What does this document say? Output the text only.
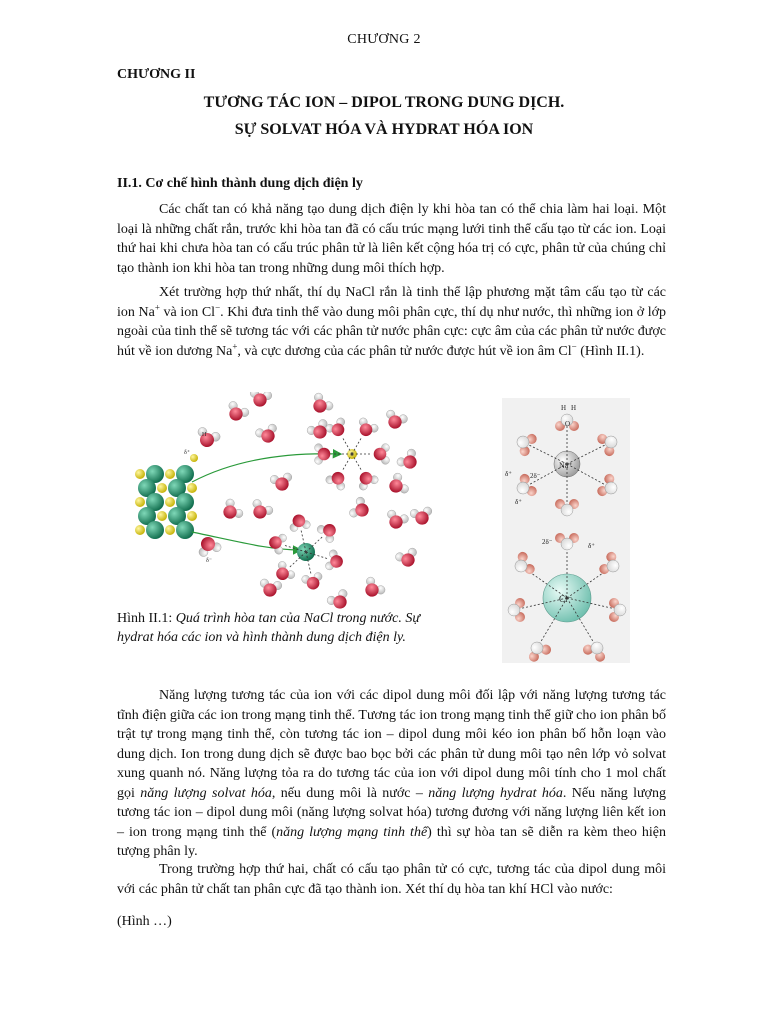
CHƯƠNG 2
CHƯƠNG II
TƯƠNG TÁC ION – DIPOL TRONG DUNG DỊCH.
SỰ SOLVAT HÓA VÀ HYDRAT HÓA ION
II.1. Cơ chế hình thành dung dịch điện ly

Các chất tan có khả năng tạo dung dịch điện ly khi hòa tan có thể chia làm hai loại. Một loại là những chất rắn, trước khi hòa tan đã có cấu trúc mạng lưới tinh thể cấu tạo từ các ion. Loại thứ hai khi chưa hòa tan có cấu trúc phân tử là liên kết cộng hóa trị có cực, phân tử của chúng chỉ tạo thành ion khi hòa tan trong những dung môi thích hợp.

Xét trường hợp thứ nhất, thí dụ NaCl rắn là tinh thể lập phương mặt tâm cấu tạo từ các ion Na+ và ion Cl−. Khi đưa tinh thể vào dung môi phân cực, thí dụ như nước, thì những ion ở lớp ngoài của tinh thể sẽ tương tác với các phân tử nước phân cực: cực âm của các phân tử nước được hút về ion dương Na+, và cực dương của các phân tử nước được hút về ion âm Cl− (Hình II.1).

H
δ⁺
δ⁻
Na⁺
H H
O
δ⁺	2δ⁻
δ⁺
Cl⁻
2δ⁻	δ⁺
Hình II.1: Quá trình hòa tan của NaCl trong nước. Sự hydrat hóa các ion và hình thành dung dịch điện ly.

Năng lượng tương tác của ion với các dipol dung môi đối lập với năng lượng tương tác tĩnh điện giữa các ion trong mạng tinh thể. Tương tác ion trong mạng tinh thể giữ cho ion phân bố trật tự trong mạng tinh thể, còn tương tác ion – dipol dung môi kéo ion phân bố hỗn loạn vào dung dịch. Ion trong dung dịch sẽ được bao bọc bởi các phân tử dung môi tạo nên lớp vỏ solvat xung quanh nó. Năng lượng tỏa ra do tương tác của ion với dipol dung môi tính cho 1 mol chất gọi năng lượng solvat hóa, nếu dung môi là nước – năng lượng hydrat hóa. Nếu năng lượng tương tác ion – dipol dung môi (năng lượng solvat hóa) tương đương với năng lượng liên kết ion – ion trong mạng tinh thể (năng lượng mạng tinh thể) thì sự hòa tan sẽ diễn ra kèm theo hiện tượng phân ly.

Trong trường hợp thứ hai, chất có cấu tạo phân tử có cực, tương tác của dipol dung môi với các phân tử chất tan phân cực đã tạo thành ion. Xét thí dụ hòa tan khí HCl vào nước:

(Hình …)
